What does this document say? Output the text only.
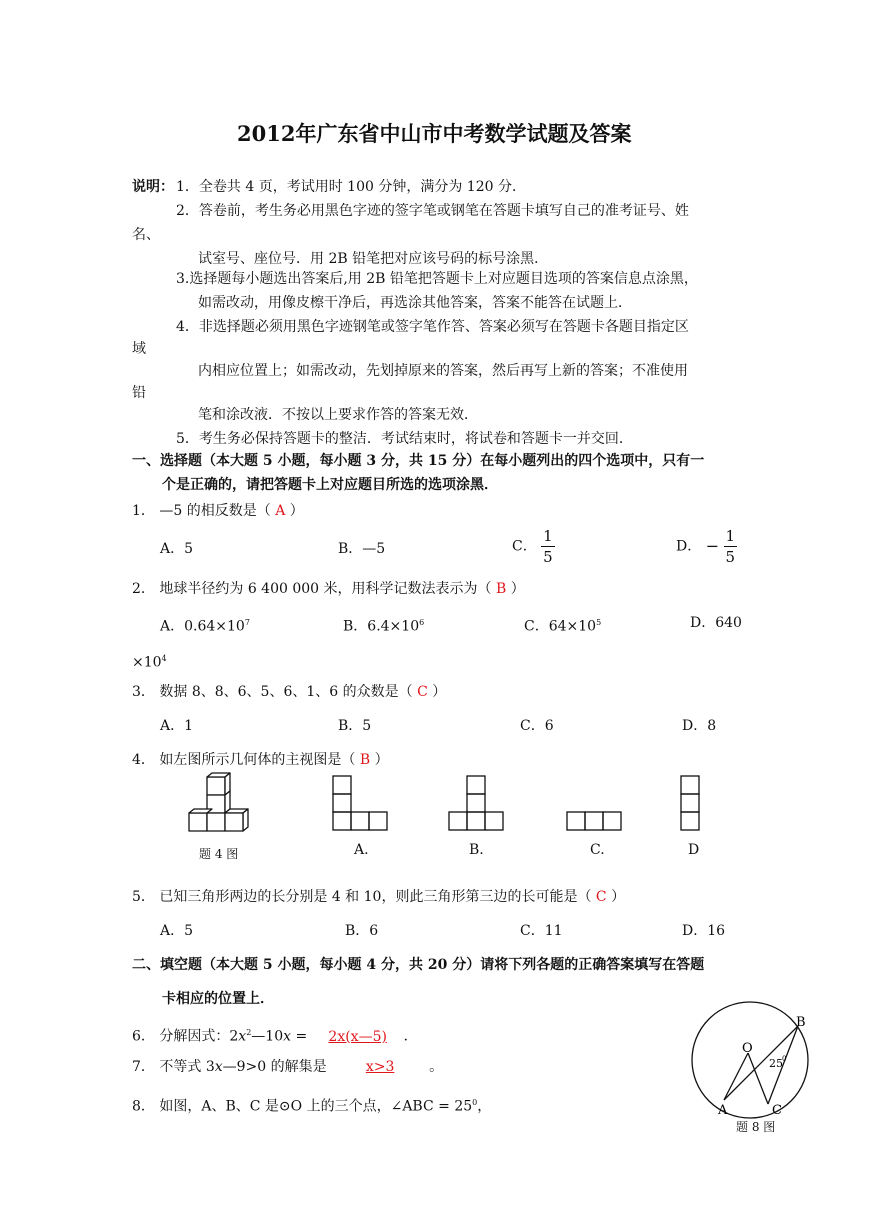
2012年广东省中山市中考数学试题及答案
说明： 1．全卷共 4 页，考试用时 100 分钟，满分为 120 分．
2．答卷前，考生务必用黑色字迹的签字笔或钢笔在答题卡填写自己的准考证号、姓
名、
试室号、座位号．用 2B 铅笔把对应该号码的标号涂黑．
3.选择题每小题选出答案后,用 2B 铅笔把答题卡上对应题目选项的答案信息点涂黑，
如需改动，用像皮檫干净后，再选涂其他答案，答案不能答在试题上．
4．非选择题必须用黑色字迹钢笔或签字笔作答、答案必须写在答题卡各题目指定区
域
内相应位置上；如需改动，先划掉原来的答案，然后再写上新的答案；不准使用
铅
笔和涂改液．不按以上要求作答的答案无效．
5．考生务必保持答题卡的整洁．考试结束时，将试卷和答题卡一并交回．
一、选择题（本大题 5 小题，每小题 3 分，共 15 分）在每小题列出的四个选项中，只有一
个是正确的，请把答题卡上对应题目所选的选项涂黑．
1． —5 的相反数是（ A ）
A．5	B．—5	C． $\frac{1}{5}$	D． − $\frac{1}{5}$
2． 地球半径约为 6 400 000 米，用科学记数法表示为（ B ）
A．$0.64\times 10^7$	B．$6.4\times 10^6$	C．$64\times 10^5$	D．640
$\times 10^4$
3． 数据 8、8、6、5、6、1、6 的众数是（ C ）
A．1	B．5	C．6	D．8
4． 如左图所示几何体的主视图是（ B ）
题 4 图	A.	B.	C.	D
5． 已知三角形两边的长分别是 4 和 10，则此三角形第三边的长可能是（ C ）
A．5	B．6	C．11	D．16
二、填空题（本大题 5 小题，每小题 4 分，共 20 分）请将下列各题的正确答案填写在答题
卡相应的位置上．
6． 分解因式：$2x^2—10x$ = 2x(x—5) ．
7． 不等式 3x—9>0 的解集是	x>3 。
8． 如图，A、B、C 是⊙O 上的三个点，∠ABC = $25^0$，
O
B
A	C
25 0
题 8 图
